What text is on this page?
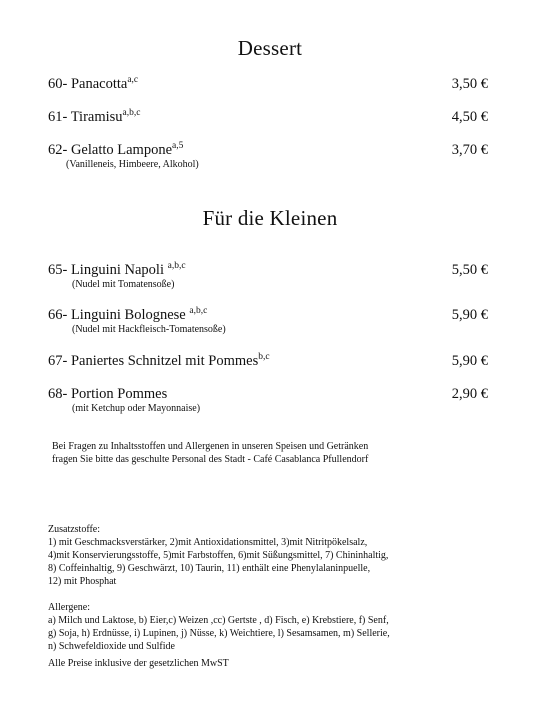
Dessert
60- Panacotta$^{a,c}$	3,50 €
61- Tiramisu$^{a,b,c}$	4,50 €
62- Gelatto Lampone$^{a,5}$	3,70 €
(Vanilleneis, Himbeere, Alkohol)
Für die Kleinen
65- Linguini Napoli $^{a,b,c}$	5,50 €
(Nudel mit Tomatensoße)
66- Linguini Bolognese $^{a,b,c}$	5,90 €
(Nudel mit Hackfleisch-Tomatensoße)
67- Paniertes Schnitzel mit Pommes$^{b,c}$	5,90 €
68- Portion Pommes	2,90 €
(mit Ketchup oder Mayonnaise)
Bei Fragen zu Inhaltsstoffen und Allergenen in unseren Speisen und Getränken
fragen Sie bitte das geschulte Personal des Stadt - Café Casablanca Pfullendorf
Zusatzstoffe:
1) mit Geschmacksverstärker, 2)mit Antioxidationsmittel, 3)mit Nitritpökelsalz,
4)mit Konservierungsstoffe, 5)mit Farbstoffen, 6)mit Süßungsmittel, 7) Chininhaltig,
8) Coffeinhaltig, 9) Geschwärzt, 10) Taurin, 11) enthält eine Phenylalaninpuelle,
12) mit Phosphat
Allergene:
a) Milch und Laktose, b) Eier,c) Weizen ,cc) Gertste , d) Fisch, e) Krebstiere, f) Senf,
g) Soja, h) Erdnüsse, i) Lupinen, j) Nüsse, k) Weichtiere, l) Sesamsamen, m) Sellerie,
n) Schwefeldioxide und Sulfide
Alle Preise inklusive der gesetzlichen MwST
